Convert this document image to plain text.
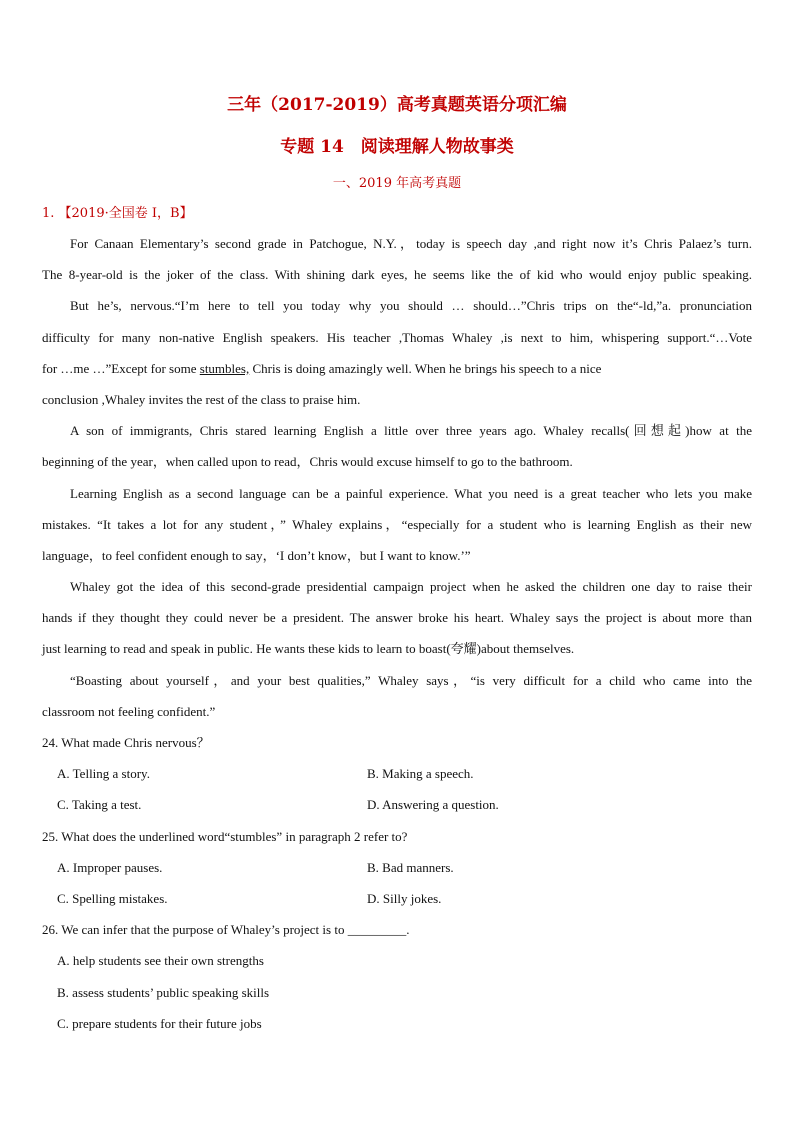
三年（2017-2019）高考真题英语分项汇编
专题 14　阅读理解人物故事类
一、2019 年高考真题
1. 【2019·全国卷 I，B】
For Canaan Elementary’s second grade in Patchogue, N.Y.，today is speech day ,and right now it’s Chris Palaez’s turn.
The 8-year-old is the joker of the class. With shining dark eyes, he seems like the of kid who would enjoy public speaking.
But he’s, nervous.“I’m here to tell you today why you should … should…”Chris trips on the“-ld,”a. pronunciation
difficulty for many non-native English speakers. His teacher ,Thomas Whaley ,is next to him, whispering support.“…Vote
for …me …”Except for some stumbles, Chris is doing amazingly well. When he brings his speech to a nice
conclusion ,Whaley invites the rest of the class to praise him.
A son of immigrants, Chris stared learning English a little over three years ago. Whaley recalls(回想起)how at the
beginning of the year，when called upon to read，Chris would excuse himself to go to the bathroom.
Learning English as a second language can be a painful experience. What you need is a great teacher who lets you make
mistakes. “It takes a lot for any student，” Whaley explains，“especially for a student who is learning English as their new
language，to feel confident enough to say，‘I don’t know，but I want to know.’”
Whaley got the idea of this second-grade presidential campaign project when he asked the children one day to raise their
hands if they thought they could never be a president. The answer broke his heart. Whaley says the project is about more than
just learning to read and speak in public. He wants these kids to learn to boast(夸耀)about themselves.
“Boasting about yourself，and your best qualities,” Whaley says，“is very difficult for a child who came into the
classroom not feeling confident.”
24. What made Chris nervous？
A. Telling a story.	B. Making a speech.
C. Taking a test.	D. Answering a question.
25. What does the underlined word“stumbles” in paragraph 2 refer to?
A. Improper pauses.	B. Bad manners.
C. Spelling mistakes.	D. Silly jokes.
26. We can infer that the purpose of Whaley’s project is to _________.
A. help students see their own strengths
B. assess students’ public speaking skills
C. prepare students for their future jobs
